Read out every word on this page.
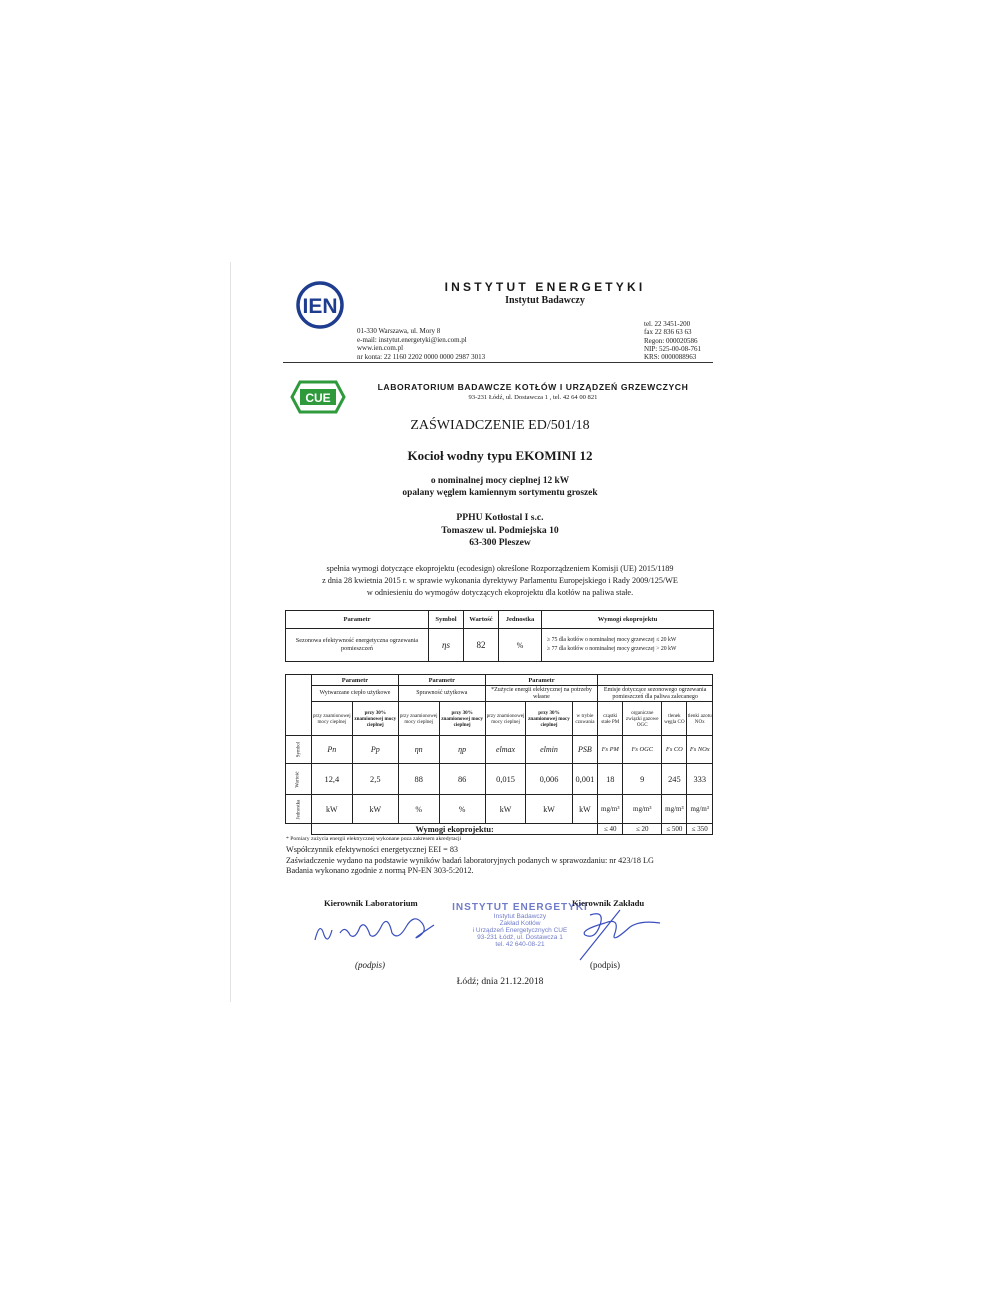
IEN
INSTYTUT ENERGETYKI
Instytut Badawczy
01-330 Warszawa, ul. Mory 8
e-mail: instytut.energetyki@ien.com.pl
www.ien.com.pl
nr konta: 22 1160 2202 0000 0000 2987 3013
tel. 22 3451-200
fax 22 836 63 63
Regon: 000020586
NIP: 525-00-08-761
KRS: 0000088963
CUE
LABORATORIUM BADAWCZE KOTŁÓW I URZĄDZEŃ GRZEWCZYCH
93-231 Łódź, ul. Dostawcza 1 , tel. 42 64 00 821
ZAŚWIADCZENIE ED/501/18
Kocioł wodny typu EKOMINI 12
o nominalnej mocy cieplnej 12 kW
opalany węglem kamiennym sortymentu groszek
PPHU Kotłostal I s.c.
Tomaszew ul. Podmiejska 10
63-300 Pleszew
spełnia wymogi dotyczące ekoprojektu (ecodesign) określone Rozporządzeniem Komisji (UE) 2015/1189
z dnia 28 kwietnia 2015 r. w sprawie wykonania dyrektywy Parlamentu Europejskiego i Rady 2009/125/WE
w odniesieniu do wymogów dotyczących ekoprojektu dla kotłów na paliwa stałe.
Parametr	Symbol	Wartość	Jednostka	Wymogi ekoprojektu
Sezonowa efektywność energetyczna ogrzewania pomieszczeń	ηs	82	%	≥ 75 dla kotłów o nominalnej mocy grzewczej ≤ 20 kW
≥ 77 dla kotłów o nominalnej mocy grzewczej > 20 kW
	Parametr		Parametr		Parametr						
	Wytwarzane ciepło użytkowe		Sprawność użytkowa		*Zużycie energii elektrycznej na potrzeby własne			Emisje dotyczące sezonowego ogrzewania pomieszczeń dla paliwa zalecanego			
	przy znamionowej mocy cieplnej	przy 30% znamionowej mocy cieplnej	przy znamionowej mocy cieplnej	przy 30% znamionowej mocy cieplnej	przy znamionowej mocy cieplnej	przy 30% znamionowej mocy cieplnej	w trybie czuwania	cząstki stałe PM	organiczne związki gazowe OGC	tlenek węgla CO	tlenki azotu NOx
Symbol	Pn	Pp	ηn	ηp	elmax	elmin	PSB	Fs PM	Fs OGC	Fs CO	Fs NOx
Wartość	12,4	2,5	88	86	0,015	0,006	0,001	18	9	245	333
Jednostka	kW	kW	%	%	kW	kW	kW	mg/m³	mg/m³	mg/m³	mg/m³
	Wymogi ekoprojektu:							≤ 40	≤ 20	≤ 500	≤ 350
* Pomiary zużycia energii elektrycznej wykonane poza zakresem akredytacji
Współczynnik efektywności energetycznej EEI = 83
Zaświadczenie wydano na podstawie wyników badań laboratoryjnych podanych w sprawozdaniu: nr 423/18 LG
Badania wykonano zgodnie z normą PN-EN 303-5:2012.
Kierownik Laboratorium	Kierownik Zakładu
INSTYTUT ENERGETYKI
Instytut Badawczy
Zakład Kotłów
i Urządzeń Energetycznych CUE
93-231 Łódź, ul. Dostawcza 1
tel. 42 640-08-21
(podpis)	(podpis)
Łódź; dnia 21.12.2018
